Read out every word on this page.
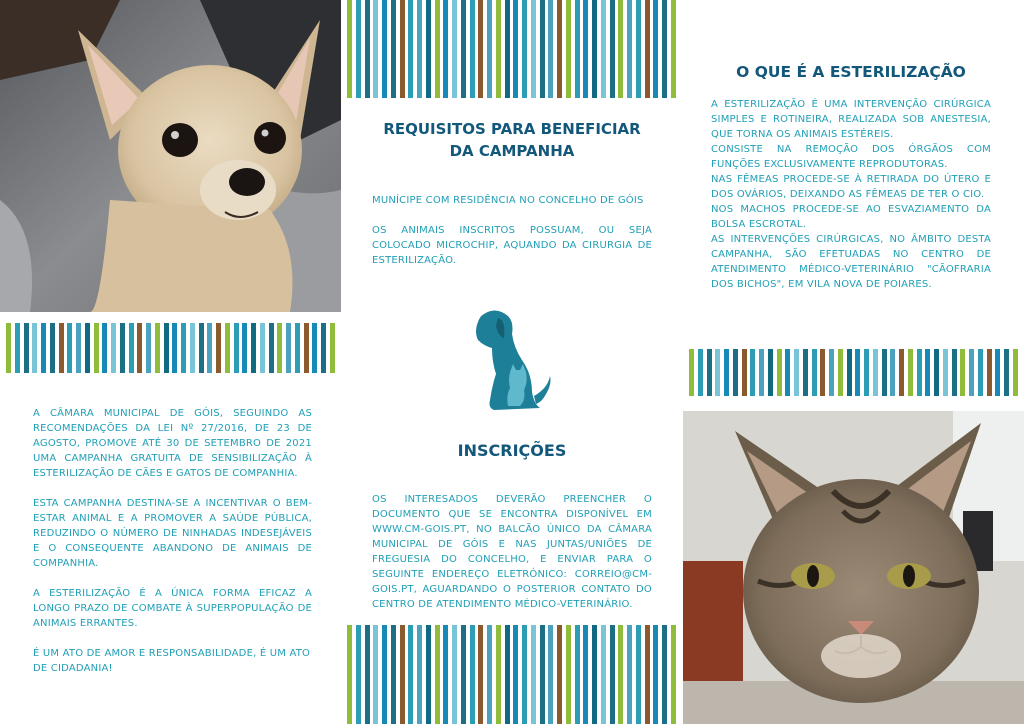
A CÂMARA MUNICIPAL DE GÓIS, SEGUINDO AS RECOMENDAÇÕES DA LEI Nº 27/2016, DE 23 DE AGOSTO, PROMOVE ATÉ 30 DE SETEMBRO DE 2021 UMA CAMPANHA GRATUITA DE SENSIBILIZAÇÃO À ESTERILIZAÇÃO DE CÃES E GATOS DE COMPANHIA.

ESTA CAMPANHA DESTINA-SE A INCENTIVAR O BEM-ESTAR ANIMAL E A PROMOVER A SAÚDE PÚBLICA, REDUZINDO O NÚMERO DE NINHADAS INDESEJÁVEIS E O CONSEQUENTE ABANDONO DE ANIMAIS DE COMPANHIA.

A ESTERILIZAÇÃO É A ÚNICA FORMA EFICAZ A LONGO PRAZO DE COMBATE À SUPERPOPULAÇÃO DE ANIMAIS ERRANTES.

É UM ATO DE AMOR E RESPONSABILIDADE, É UM ATO DE CIDADANIA!

REQUISITOS PARA BENEFICIAR DA CAMPANHA

MUNÍCIPE COM RESIDÊNCIA NO CONCELHO DE GÓIS

OS ANIMAIS INSCRITOS POSSUAM, OU SEJA COLOCADO MICROCHIP, AQUANDO DA CIRURGIA DE ESTERILIZAÇÃO.

INSCRIÇÕES

OS INTERESADOS DEVERÃO PREENCHER O DOCUMENTO QUE SE ENCONTRA DISPONÍVEL EM WWW.CM-GOIS.PT, NO BALCÃO ÚNICO DA CÂMARA MUNICIPAL DE GÓIS E NAS JUNTAS/UNIÕES DE FREGUESIA DO CONCELHO, E ENVIAR PARA O SEGUINTE ENDEREÇO ELETRÓNICO: CORREIO@CM-GOIS.PT, AGUARDANDO O POSTERIOR CONTATO DO CENTRO DE ATENDIMENTO MÉDICO-VETERINÁRIO.

O QUE É A ESTERILIZAÇÃO
A ESTERILIZAÇÃO É UMA INTERVENÇÃO CIRÚRGICA SIMPLES E ROTINEIRA, REALIZADA SOB ANESTESIA, QUE TORNA OS ANIMAIS ESTÉREIS.
CONSISTE NA REMOÇÃO DOS ÓRGÃOS COM FUNÇÕES EXCLUSIVAMENTE REPRODUTORAS.
NAS FÊMEAS PROCEDE-SE À RETIRADA DO ÚTERO E DOS OVÁRIOS, DEIXANDO AS FÊMEAS DE TER O CIO.
NOS MACHOS PROCEDE-SE AO ESVAZIAMENTO DA BOLSA ESCROTAL.
AS INTERVENÇÕES CIRÚRGICAS, NO ÂMBITO DESTA CAMPANHA, SÃO EFETUADAS NO CENTRO DE ATENDIMENTO MÉDICO-VETERINÁRIO "CÃOFRARIA DOS BICHOS", EM VILA NOVA DE POIARES.
